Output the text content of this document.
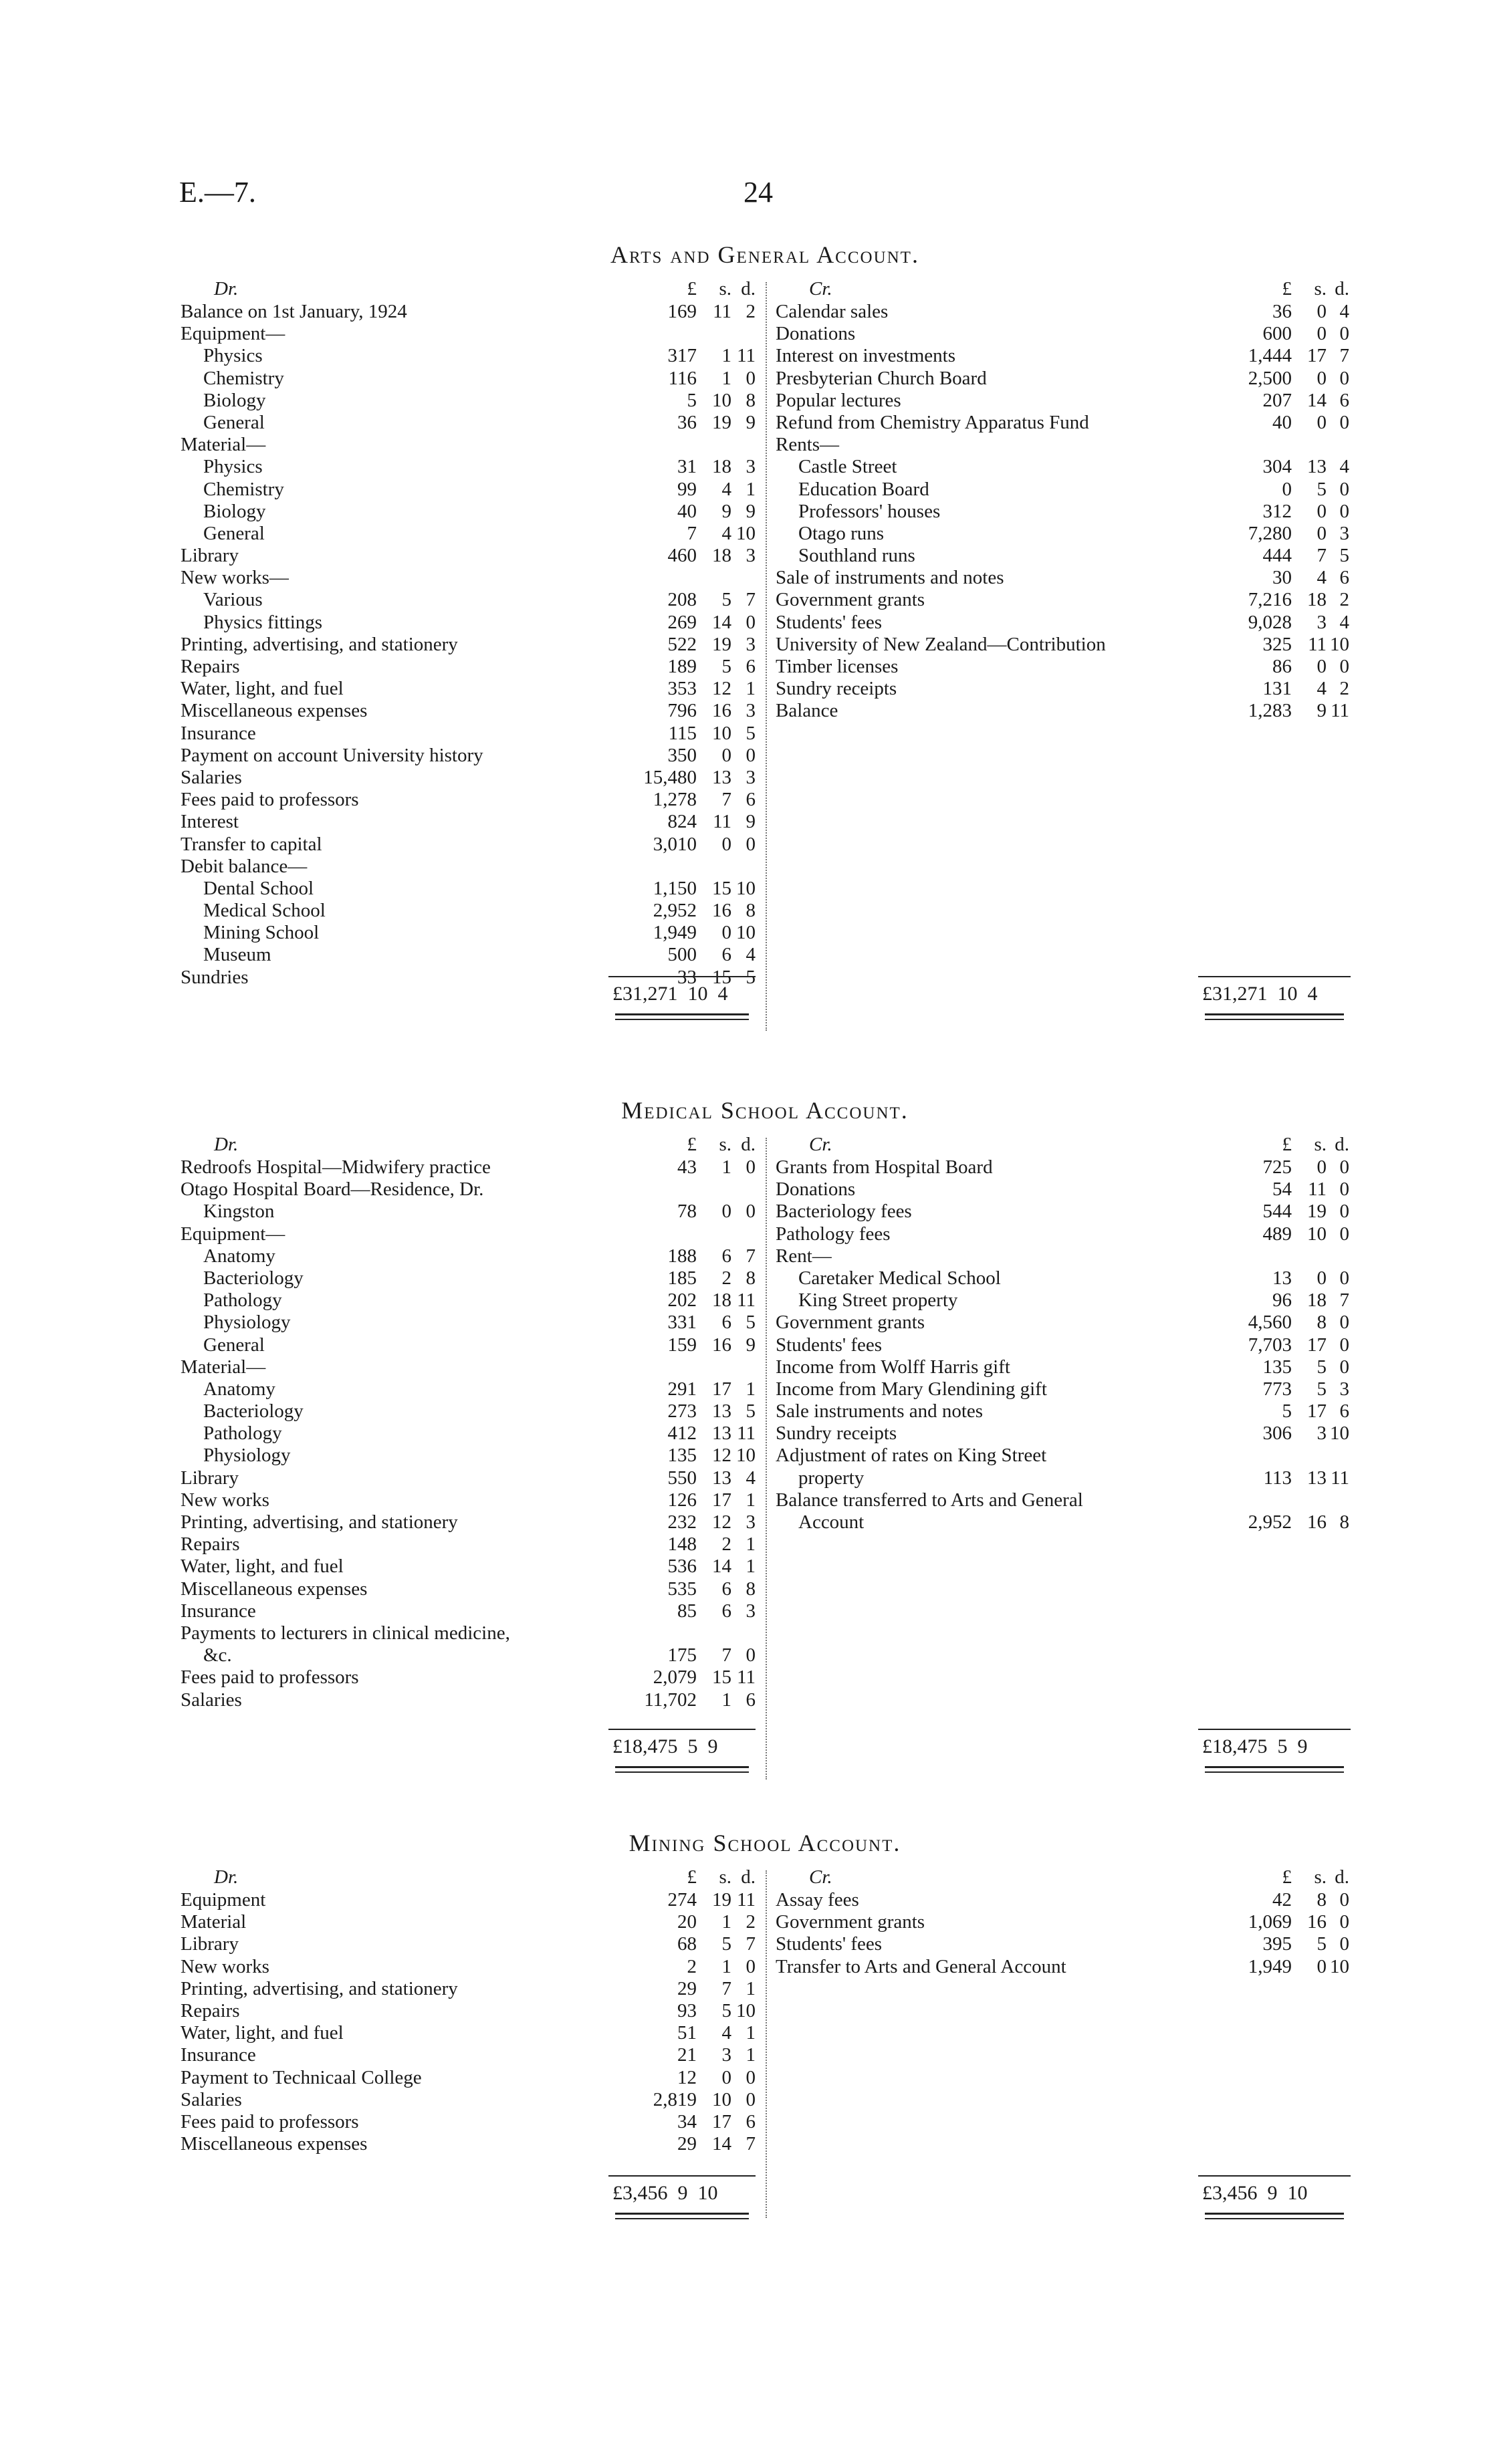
E.—7.	24
Arts and General Account.
Dr.	£	s. d.
Balance on 1st January, 1924	169 11 2
Equipment—
Physics	317	1 11
Chemistry	116	1 0
Biology	5 10 8
General	36 19 9
Material—
Physics	31 18 3
Chemistry	99	4 1
Biology	40	9 9
General	7	4 10
Library	460 18 3
New works—
Various	208	5 7
Physics fittings	269 14 0
Printing, advertising, and stationery	522 19 3
Repairs	189	5 6
Water, light, and fuel	353 12 1
Miscellaneous expenses	796 16 3
Insurance	115 10 5
Payment on account University history	350	0 0
Salaries	15,480 13 3
Fees paid to professors	1,278	7 6
Interest	824 11 9
Transfer to capital	3,010	0 0
Debit balance—
Dental School	1,150 15 10
Medical School	2,952 16 8
Mining School	1,949	0 10
Museum	500	6 4
Sundries	33 15 5
£31,271  10  4
Cr.	£	s. d.
Calendar sales	36	0 4
Donations	600	0 0
Interest on investments	1,444 17 7
Presbyterian Church Board	2,500	0 0
Popular lectures	207 14 6
Refund from Chemistry Apparatus Fund	40	0 0
Rents—
Castle Street	304 13 4
Education Board	0	5 0
Professors' houses	312	0 0
Otago runs	7,280	0 3
Southland runs	444	7 5
Sale of instruments and notes	30	4 6
Government grants	7,216 18 2
Students' fees	9,028	3 4
University of New Zealand—Contribution	325 11 10
Timber licenses	86	0 0
Sundry receipts	131	4 2
Balance	1,283	9 11
£31,271  10  4
Medical School Account.
Dr.	£	s. d.
Redroofs Hospital—Midwifery practice	43	1 0
Otago Hospital Board—Residence, Dr.
Kingston	78	0 0
Equipment—
Anatomy	188	6 7
Bacteriology	185	2 8
Pathology	202 18 11
Physiology	331	6 5
General	159 16 9
Material—
Anatomy	291 17 1
Bacteriology	273 13 5
Pathology	412 13 11
Physiology	135 12 10
Library	550 13 4
New works	126 17 1
Printing, advertising, and stationery	232 12 3
Repairs	148	2 1
Water, light, and fuel	536 14 1
Miscellaneous expenses	535	6 8
Insurance	85	6 3
Payments to lecturers in clinical medicine,
&c.	175	7 0
Fees paid to professors	2,079 15 11
Salaries	11,702	1 6
£18,475  5  9
Cr.	£	s. d.
Grants from Hospital Board	725	0 0
Donations	54 11 0
Bacteriology fees	544 19 0
Pathology fees	489 10 0
Rent—
Caretaker Medical School	13	0 0
King Street property	96 18 7
Government grants	4,560	8 0
Students' fees	7,703 17 0
Income from Wolff Harris gift	135	5 0
Income from Mary Glendining gift	773	5 3
Sale instruments and notes	5 17 6
Sundry receipts	306	3 10
Adjustment of rates on King Street
property	113 13 11
Balance transferred to Arts and General
Account	2,952 16 8
£18,475  5  9
Mining School Account.
Dr.	£	s. d.
Equipment	274 19 11
Material	20	1 2
Library	68	5 7
New works	2	1 0
Printing, advertising, and stationery	29	7 1
Repairs	93	5 10
Water, light, and fuel	51	4 1
Insurance	21	3 1
Payment to Technicaal College	12	0 0
Salaries	2,819 10 0
Fees paid to professors	34 17 6
Miscellaneous expenses	29 14 7
£3,456  9  10
Cr.	£	s. d.
Assay fees	42	8 0
Government grants	1,069 16 0
Students' fees	395	5 0
Transfer to Arts and General Account	1,949	0 10
£3,456  9  10
